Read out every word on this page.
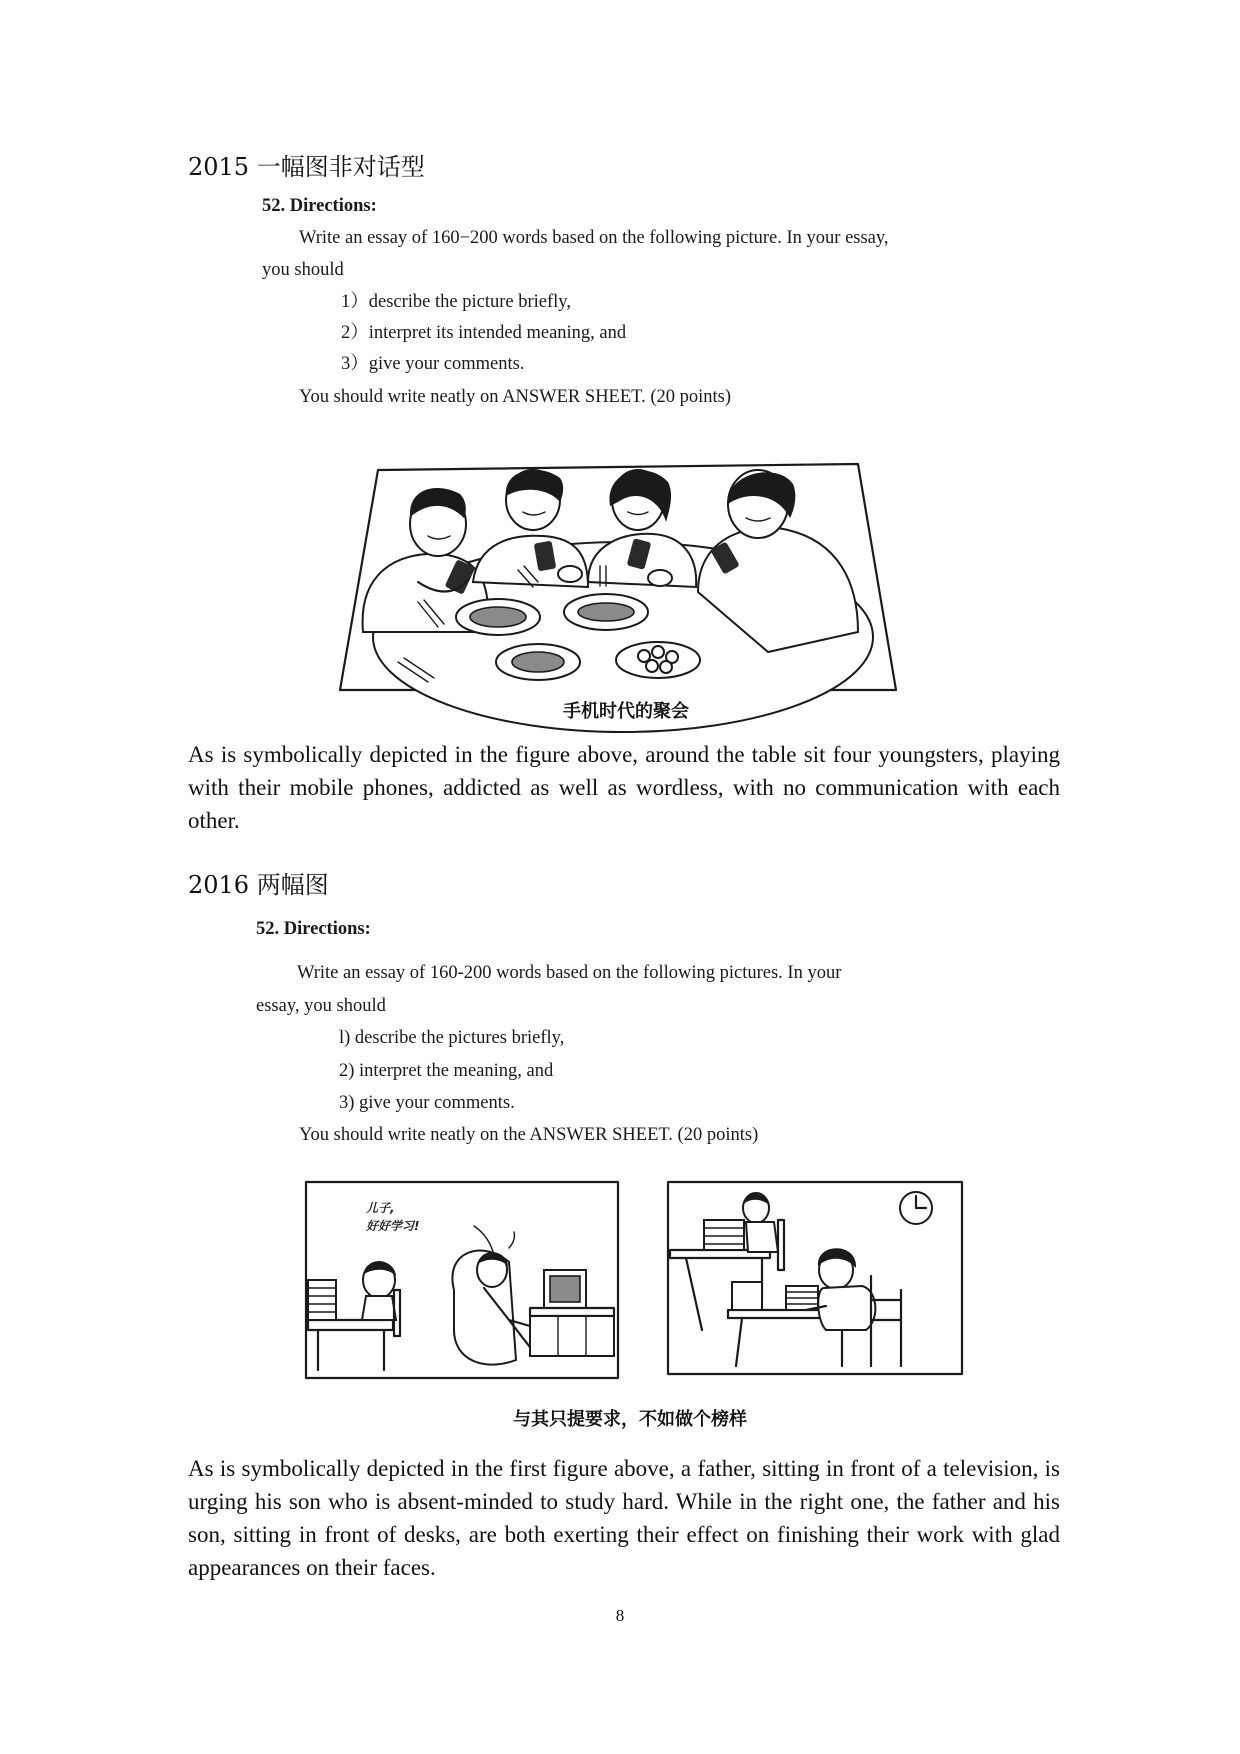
2015 一幅图非对话型
52. Directions:
Write an essay of 160−200 words based on the following picture. In your essay,
you should
1）describe the picture briefly,
2）interpret its intended meaning, and
3）give your comments.
You should write neatly on ANSWER SHEET. (20 points)
手机时代的聚会
As is symbolically depicted in the figure above, around the table sit four youngsters, playing with their mobile phones, addicted as well as wordless, with no communication with each other.
2016 两幅图
52. Directions:
Write an essay of 160-200 words based on the following pictures. In your
essay, you should
l) describe the pictures briefly,
2) interpret the meaning, and
3) give your comments.
You should write neatly on the ANSWER SHEET. (20 points)
儿子,
好好学习!
与其只提要求，不如做个榜样
As is symbolically depicted in the first figure above, a father, sitting in front of a television, is urging his son who is absent-minded to study hard. While in the right one, the father and his son, sitting in front of desks, are both exerting their effect on finishing their work with glad appearances on their faces.
8
